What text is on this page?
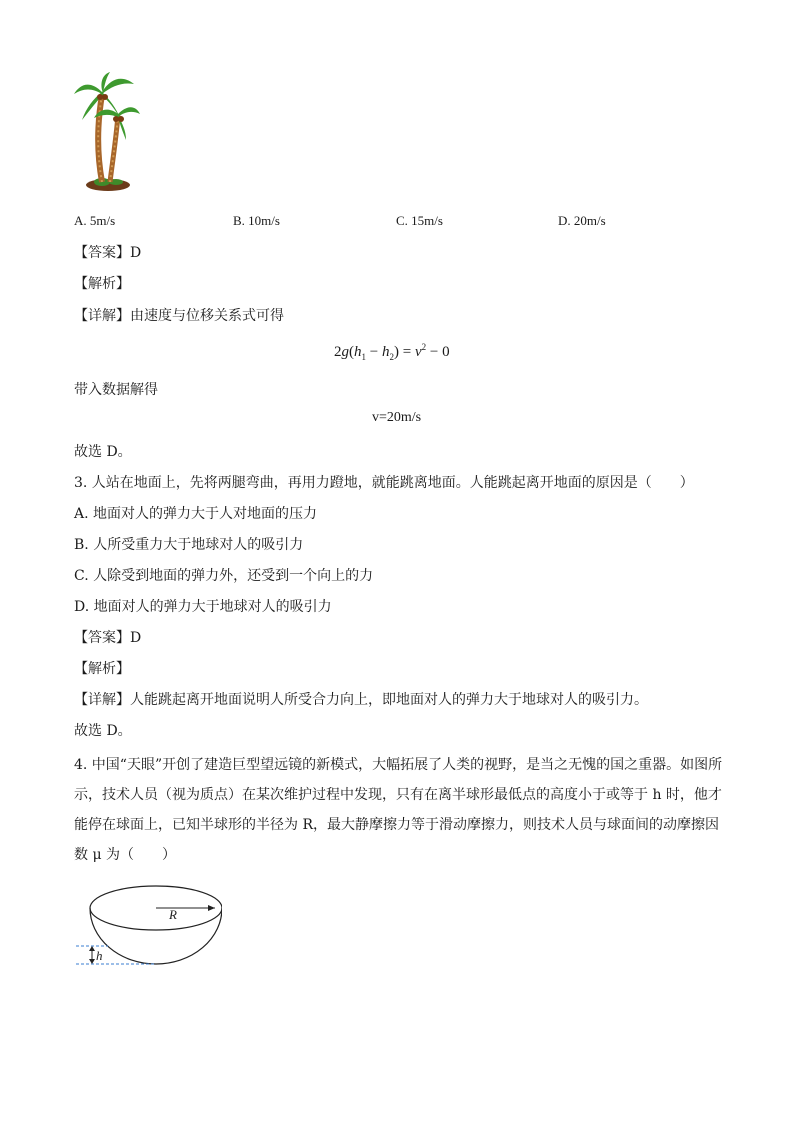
A. 5m/s	B. 10m/s	C. 15m/s	D. 20m/s
【答案】D
【解析】
【详解】由速度与位移关系式可得
$2g(h_1 - h_2) = v^2 - 0$
带入数据解得
v=20m/s
故选 D。
3. 人站在地面上，先将两腿弯曲，再用力蹬地，就能跳离地面。人能跳起离开地面的原因是（　　）
A. 地面对人的弹力大于人对地面的压力
B. 人所受重力大于地球对人的吸引力
C. 人除受到地面的弹力外，还受到一个向上的力
D. 地面对人的弹力大于地球对人的吸引力
【答案】D
【解析】
【详解】人能跳起离开地面说明人所受合力向上，即地面对人的弹力大于地球对人的吸引力。
故选 D。
4. 中国“天眼”开创了建造巨型望远镜的新模式，大幅拓展了人类的视野，是当之无愧的国之重器。如图所示，技术人员（视为质点）在某次维护过程中发现，只有在离半球形最低点的高度小于或等于 h 时，他才能停在球面上，已知半球形的半径为 R，最大静摩擦力等于滑动摩擦力，则技术人员与球面间的动摩擦因数 μ 为（　　）
R
h
